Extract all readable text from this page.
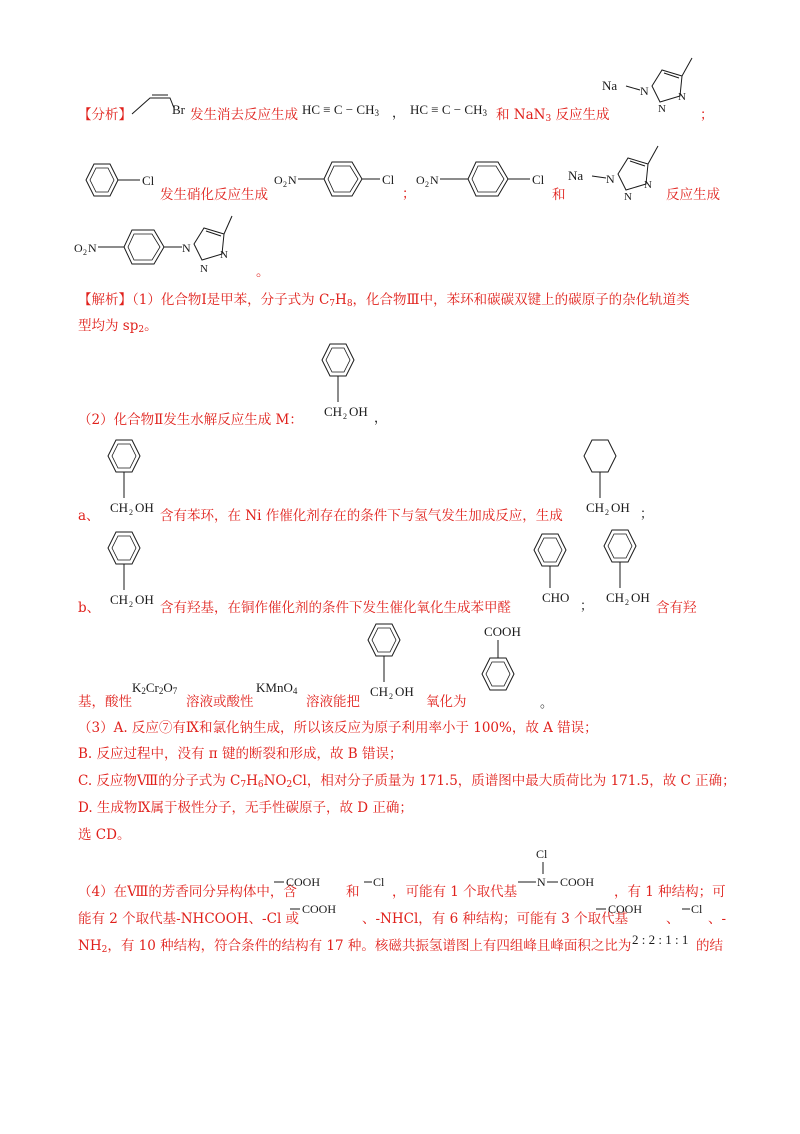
【分析】	Br 发生消去反应生成 HC ≡ $C - CH_3$ ， HC ≡ $C - CH_3$ 和 NaN$_3$ 反应生成
Na N	N
N	；
Cl
发生硝化反应生成
O 2 N	Cl
；
O 2 N	Cl
和
Na N	N
N	反应生成
O 2 N	N	N
N	。
【解析】（1）化合物Ⅰ是甲苯，分子式为 $C_7H_8$，化合物Ⅲ中，苯环和碳碳双键上的碳原子的杂化轨道类
型均为 $sp_2$。
（2）化合物Ⅱ发生水解反应生成 M：
CH 2 OH ，
a、
CH 2 OH
含有苯环，在 Ni 作催化剂存在的条件下与氢气发生加成反应，生成
CH 2 OH ；
b、
CH 2 OH
含有羟基，在铜作催化剂的条件下发生催化氧化生成苯甲醛
CHO
；
CH 2 OH
含有羟
基，酸性
$K_2Cr_2O_7$
溶液或酸性
KMnO$_4$
溶液能把
CH 2 OH
氧化为
COOH
。
（3）A. 反应⑦有Ⅸ和氯化钠生成，所以该反应为原子利用率小于 100%，故 A 错误；
B. 反应过程中，没有 π 键的断裂和形成，故 B 错误；
C. 反应物Ⅷ的分子式为 $C_7H_6NO_2Cl$，相对分子质量为 171.5，质谱图中最大质荷比为 171.5，故 C 正确；
D. 生成物Ⅸ属于极性分子，无手性碳原子，故 D 正确；
选 CD。
（4）在Ⅷ的芳香同分异构体中，含
COOH
和
Cl
，可能有 1 个取代基
Cl
N COOH
，有 1 种结构；可
能有 2 个取代基-NHCOOH、-Cl 或
COOH
、-NHCl，有 6 种结构；可能有 3 个取代基
COOH
、
Cl
、-
$NH_2$，有 10 种结构，符合条件的结构有 17 种。核磁共振氢谱图上有四组峰且峰面积之比为 2 : 2 : 1 : 1 的结
